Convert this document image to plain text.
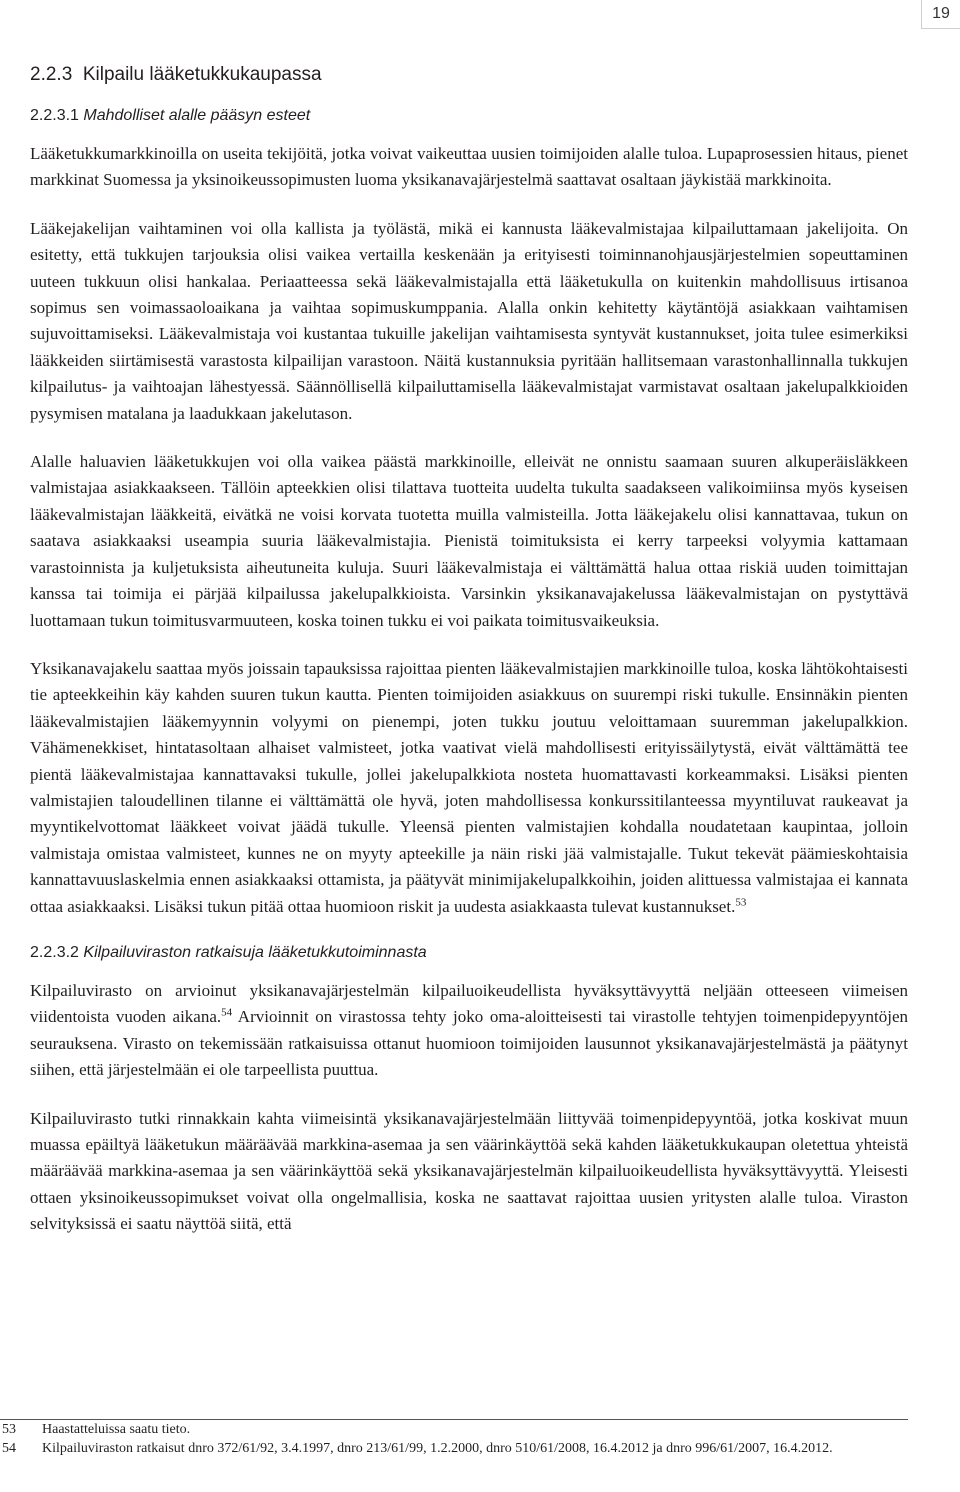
19
2.2.3 Kilpailu lääketukkukaupassa
2.2.3.1 Mahdolliset alalle pääsyn esteet

Lääketukkumarkkinoilla on useita tekijöitä, jotka voivat vaikeuttaa uusien toimijoiden alalle tuloa. Lupaprosessien hitaus, pienet markkinat Suomessa ja yksinoikeussopimusten luoma yksikanavajärjestelmä saattavat osaltaan jäykistää markkinoita.

Lääkejakelijan vaihtaminen voi olla kallista ja työlästä, mikä ei kannusta lääkevalmistajaa kilpailuttamaan jakelijoita. On esitetty, että tukkujen tarjouksia olisi vaikea vertailla keskenään ja erityisesti toiminnanohjausjärjestelmien sopeuttaminen uuteen tukkuun olisi hankalaa. Periaatteessa sekä lääkevalmistajalla että lääketukulla on kuitenkin mahdollisuus irtisanoa sopimus sen voimassaoloaikana ja vaihtaa sopimuskumppania. Alalla onkin kehitetty käytäntöjä asiakkaan vaihtamisen sujuvoittamiseksi. Lääkevalmistaja voi kustantaa tukuille jakelijan vaihtamisesta syntyvät kustannukset, joita tulee esimerkiksi lääkkeiden siirtämisestä varastosta kilpailijan varastoon. Näitä kustannuksia pyritään hallitsemaan varastonhallinnalla tukkujen kilpailutus- ja vaihtoajan lähestyessä. Säännöllisellä kilpailuttamisella lääkevalmistajat varmistavat osaltaan jakelupalkkioiden pysymisen matalana ja laadukkaan jakelutason.

Alalle haluavien lääketukkujen voi olla vaikea päästä markkinoille, elleivät ne onnistu saamaan suuren alkuperäisläkkeen valmistajaa asiakkaakseen. Tällöin apteekkien olisi tilattava tuotteita uudelta tukulta saadakseen valikoimiinsa myös kyseisen lääkevalmistajan lääkkeitä, eivätkä ne voisi korvata tuotetta muilla valmisteilla. Jotta lääkejakelu olisi kannattavaa, tukun on saatava asiakkaaksi useampia suuria lääkevalmistajia. Pienistä toimituksista ei kerry tarpeeksi volyymia kattamaan varastoinnista ja kuljetuksista aiheutuneita kuluja. Suuri lääkevalmistaja ei välttämättä halua ottaa riskiä uuden toimittajan kanssa tai toimija ei pärjää kilpailussa jakelupalkkioista. Varsinkin yksikanavajakelussa lääkevalmistajan on pystyttävä luottamaan tukun toimitusvarmuuteen, koska toinen tukku ei voi paikata toimitusvaikeuksia.

Yksikanavajakelu saattaa myös joissain tapauksissa rajoittaa pienten lääkevalmistajien markkinoille tuloa, koska lähtökohtaisesti tie apteekkeihin käy kahden suuren tukun kautta. Pienten toimijoiden asiakkuus on suurempi riski tukulle. Ensinnäkin pienten lääkevalmistajien lääkemyynnin volyymi on pienempi, joten tukku joutuu veloittamaan suuremman jakelupalkkion. Vähämenekkiset, hintatasoltaan alhaiset valmisteet, jotka vaativat vielä mahdollisesti erityissäilytystä, eivät välttämättä tee pientä lääkevalmistajaa kannattavaksi tukulle, jollei jakelupalkkiota nosteta huomattavasti korkeammaksi. Lisäksi pienten valmistajien taloudellinen tilanne ei välttämättä ole hyvä, joten mahdollisessa konkurssitilanteessa myyntiluvat raukeavat ja myyntikelvottomat lääkkeet voivat jäädä tukulle. Yleensä pienten valmistajien kohdalla noudatetaan kaupintaa, jolloin valmistaja omistaa valmisteet, kunnes ne on myyty apteekille ja näin riski jää valmistajalle. Tukut tekevät päämieskohtaisia kannattavuuslaskelmia ennen asiakkaaksi ottamista, ja päätyvät minimijakelupalkkoihin, joiden alittuessa valmistajaa ei kannata ottaa asiakkaaksi. Lisäksi tukun pitää ottaa huomioon riskit ja uudesta asiakkaasta tulevat kustannukset.$^{53}$

2.2.3.2 Kilpailuviraston ratkaisuja lääketukkutoiminnasta

Kilpailuvirasto on arvioinut yksikanavajärjestelmän kilpailuoikeudellista hyväksyttävyyttä neljään otteeseen viimeisen viidentoista vuoden aikana.$^{54}$ Arvioinnit on virastossa tehty joko oma-aloitteisesti tai virastolle tehtyjen toimenpidepyyntöjen seurauksena. Virasto on tekemissään ratkaisuissa ottanut huomioon toimijoiden lausunnot yksikanavajärjestelmästä ja päätynyt siihen, että järjestelmään ei ole tarpeellista puuttua.

Kilpailuvirasto tutki rinnakkain kahta viimeisintä yksikanavajärjestelmään liittyvää toimenpidepyyntöä, jotka koskivat muun muassa epäiltyä lääketukun määräävää markkina-asemaa ja sen väärinkäyttöä sekä kahden lääketukkukaupan oletettua yhteistä määräävää markkina-asemaa ja sen väärinkäyttöä sekä yksikanavajärjestelmän kilpailuoikeudellista hyväksyttävyyttä. Yleisesti ottaen yksinoikeussopimukset voivat olla ongelmallisia, koska ne saattavat rajoittaa uusien yritysten alalle tuloa. Viraston selvityksissä ei saatu näyttöä siitä, että

53	Haastatteluissa saatu tieto.
54	Kilpailuviraston ratkaisut dnro 372/61/92, 3.4.1997, dnro 213/61/99, 1.2.2000, dnro 510/61/2008, 16.4.2012 ja dnro 996/61/2007, 16.4.2012.
